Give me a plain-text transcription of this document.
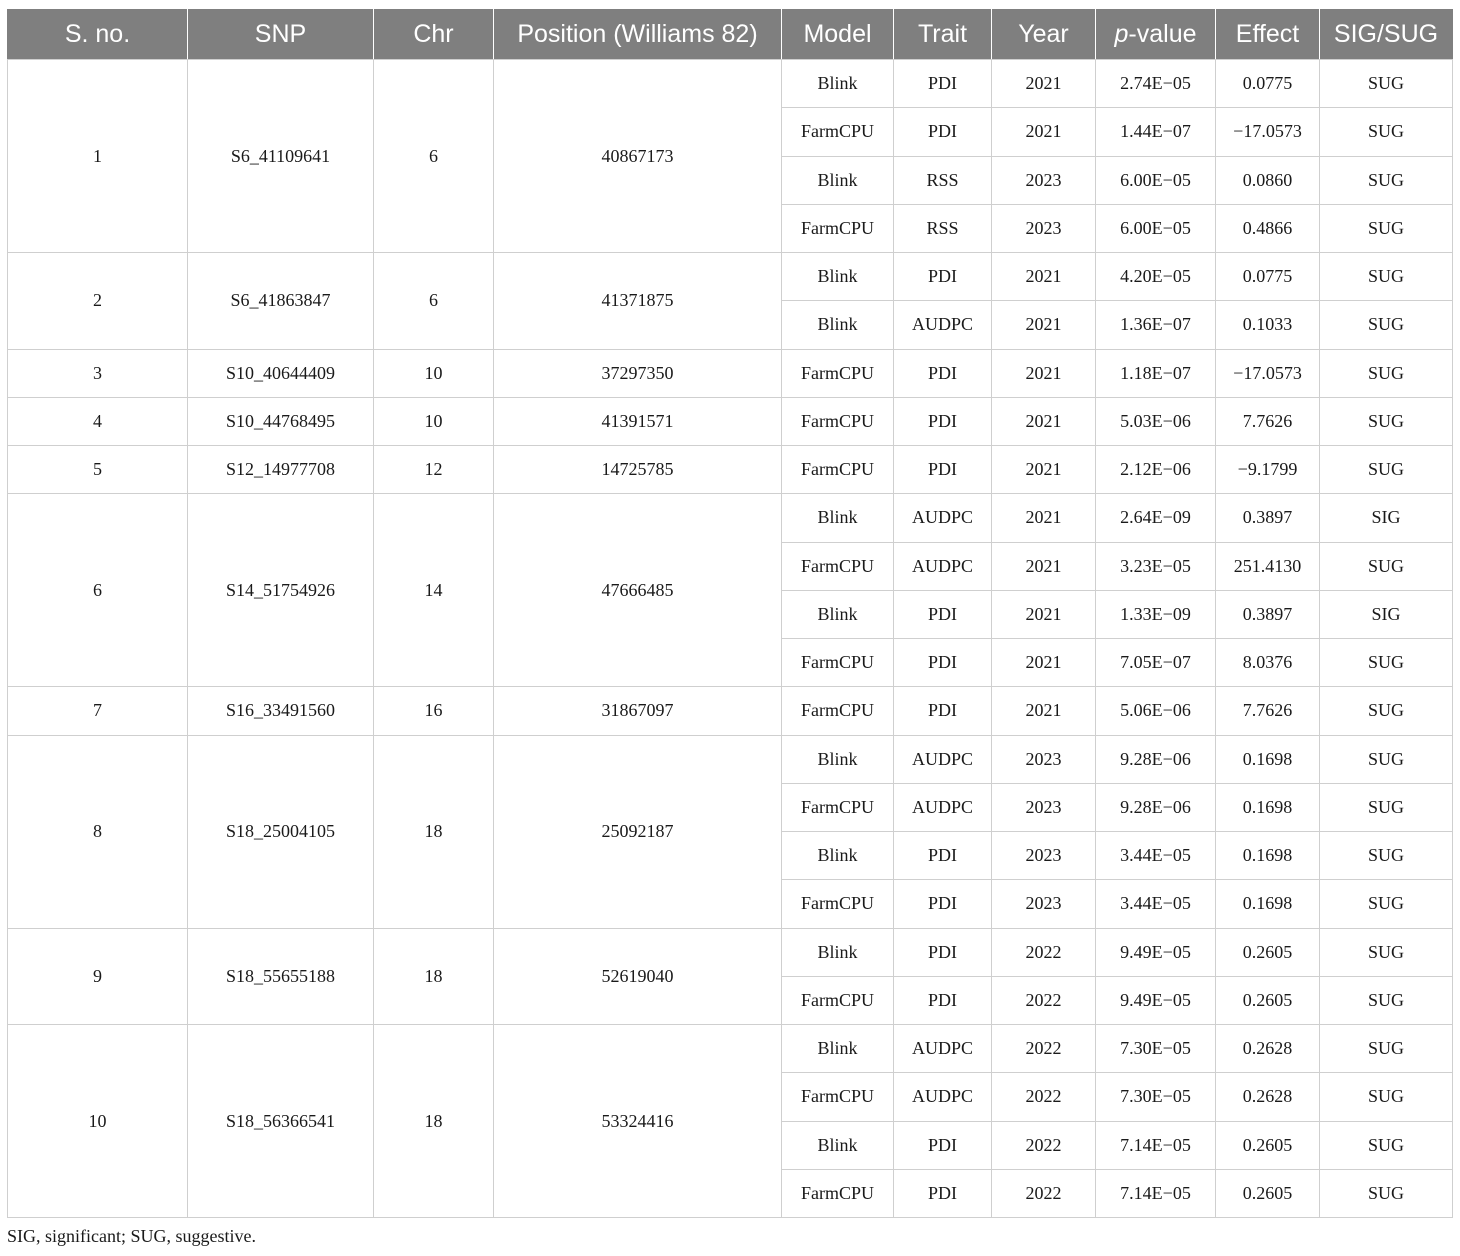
S. no.	SNP	Chr	Position (Williams 82)	Model	Trait	Year	p-value	Effect	SIG/SUG
1	S6_41109641	6	40867173	Blink	PDI	2021	2.74E−05	0.0775	SUG
				FarmCPU	PDI	2021	1.44E−07	−17.0573	SUG
				Blink	RSS	2023	6.00E−05	0.0860	SUG
				FarmCPU	RSS	2023	6.00E−05	0.4866	SUG
2	S6_41863847	6	41371875	Blink	PDI	2021	4.20E−05	0.0775	SUG
				Blink	AUDPC	2021	1.36E−07	0.1033	SUG
3	S10_40644409	10	37297350	FarmCPU	PDI	2021	1.18E−07	−17.0573	SUG
4	S10_44768495	10	41391571	FarmCPU	PDI	2021	5.03E−06	7.7626	SUG
5	S12_14977708	12	14725785	FarmCPU	PDI	2021	2.12E−06	−9.1799	SUG
6	S14_51754926	14	47666485	Blink	AUDPC	2021	2.64E−09	0.3897	SIG
				FarmCPU	AUDPC	2021	3.23E−05	251.4130	SUG
				Blink	PDI	2021	1.33E−09	0.3897	SIG
				FarmCPU	PDI	2021	7.05E−07	8.0376	SUG
7	S16_33491560	16	31867097	FarmCPU	PDI	2021	5.06E−06	7.7626	SUG
8	S18_25004105	18	25092187	Blink	AUDPC	2023	9.28E−06	0.1698	SUG
				FarmCPU	AUDPC	2023	9.28E−06	0.1698	SUG
				Blink	PDI	2023	3.44E−05	0.1698	SUG
				FarmCPU	PDI	2023	3.44E−05	0.1698	SUG
9	S18_55655188	18	52619040	Blink	PDI	2022	9.49E−05	0.2605	SUG
				FarmCPU	PDI	2022	9.49E−05	0.2605	SUG
10	S18_56366541	18	53324416	Blink	AUDPC	2022	7.30E−05	0.2628	SUG
				FarmCPU	AUDPC	2022	7.30E−05	0.2628	SUG
				Blink	PDI	2022	7.14E−05	0.2605	SUG
				FarmCPU	PDI	2022	7.14E−05	0.2605	SUG
SIG, significant; SUG, suggestive.
